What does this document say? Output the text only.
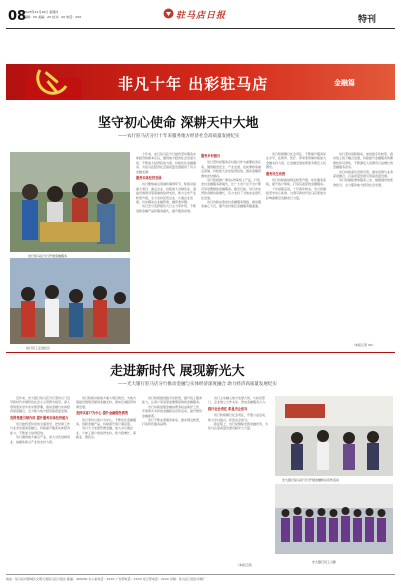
08
2023年11月16日 星期四
编辑：XX 美编：XX 校对：XX 电话：XXX	驻马店日报	特刊
非凡十年 出彩驻马店	金融篇
坚守初心使命 深耕天中大地
——农行驻马店分行十年来服务地方经济社会高质量发展纪实
农行驻马店分行开展金融服务
农行员工走进社区

十年来，农行驻马店分行始终坚持服务实体经济的根本宗旨，围绕地方经济社会发展大局，不断加大信贷投放力度，持续优化金融服务，为驻马店经济社会高质量发展提供了有力金融支撑。

服务实体经济发展

该行聚焦重点领域和薄弱环节，积极对接重大项目、重点企业，持续加大对制造业、基础设施建设等领域的信贷支持，助力全市产业转型升级，全力支持民营企业、小微企业发展，切实解决企业融资难、融资贵问题。

该行充分发挥国有大行主力军作用，不断创新金融产品和服务模式，提升服务质效。

服务乡村振兴

该行坚持把服务乡村振兴作为重要政治任务，围绕粮食安全、产业发展、农民增收等重点领域，持续加大涉农信贷投放，推动金融资源向农村倾斜。

该行积极推广惠农e贷等线上产品，打造农村金融服务新模式，让广大农户足不出户即可享受便捷的金融服务。截至目前，该行涉农贷款余额持续增长，有力支持了当地农业现代化发展。

该行持续完善农村金融服务网络，推动服务重心下沉，提升农村地区金融服务覆盖面。

该行积极履行社会责任，不断提升服务民生水平，在教育、医疗、养老等领域持续加大金融支持力度，让金融发展成果更多惠及人民群众。

服务民生改善

该行持续推进网点转型升级，优化服务流程，提升客户体验，打造有温度的金融服务。

十年砥砺奋进，十年春华秋实。该行将继续坚守初心使命，为谱写新时代驻马店更加出彩绚丽篇章贡献农行力量。

该行坚持创新驱动，加快数字化转型，推动线上线下融合发展，持续提升金融服务的便捷性和可得性，不断满足人民群众日益增长的金融服务需求。

该行持续深化党建引领，推动党建与业务深度融合，以高质量党建引领高质量发展。

该行将继续秉承服务三农、做强城市的使命担当，全力服务地方经济社会发展。

（本报记者 XX）
走进新时代 展现新光大
——光大银行驻马店分行推动金融与实体经济深度融合 助力经济高质量发展纪实

近年来，光大银行驻马店分行坚持以习近平新时代中国特色社会主义思想为指导，深入贯彻落实党中央决策部署，推动金融与实体经济深度融合，全力助力地方经济高质量发展。

发挥党建引领作用 提升服务实体经济能力

该行始终坚持党的全面领导，把党建工作与业务发展深度融合，持续提升服务实体经济能力，不断加大信贷投放。

该行围绕地方重点产业，加大对先进制造业、战略性新兴产业的支持力度。

该行积极对接地方重大项目建设，为地方基础设施建设提供金融支持，推动区域经济协调发展。

坚持以客户为中心 提升金融服务质效

该行坚持以客户为中心，不断优化金融服务，创新金融产品，持续提升客户满意度。

该行大力发展普惠金融，加大对小微企业、个体工商户的信贷支持，助力稳增长、保就业、惠民生。

该行积极推进数字化转型，提升线上服务能力，让客户享受更加便捷高效的金融服务。

该行持续加强金融消费者权益保护工作，开展形式多样的金融知识宣传活动，提升群众金融素养。

该行不断完善服务体系，推动网点转型，打造特色服务品牌。

该行主动融入地方发展大局，与政府部门、企业建立合作关系，形成金融服务合力。

践行社会责任 彰显央企担当

该行积极履行社会责任，开展公益活动，助力乡村振兴，彰显央企担当。

新征程上，该行将继续发挥金融优势，为驻马店高质量发展贡献光大力量。

（本报记者）
光大银行驻马店分行开展金融知识宣传活动
光大银行员工合影
地址：驻马店市驿城区文明大道驻马店日报社 邮编：463000 办公室电话：XXXX 广告部电话：XXXX 发行部电话：XXXX 印刷：驻马店日报社印刷厂
